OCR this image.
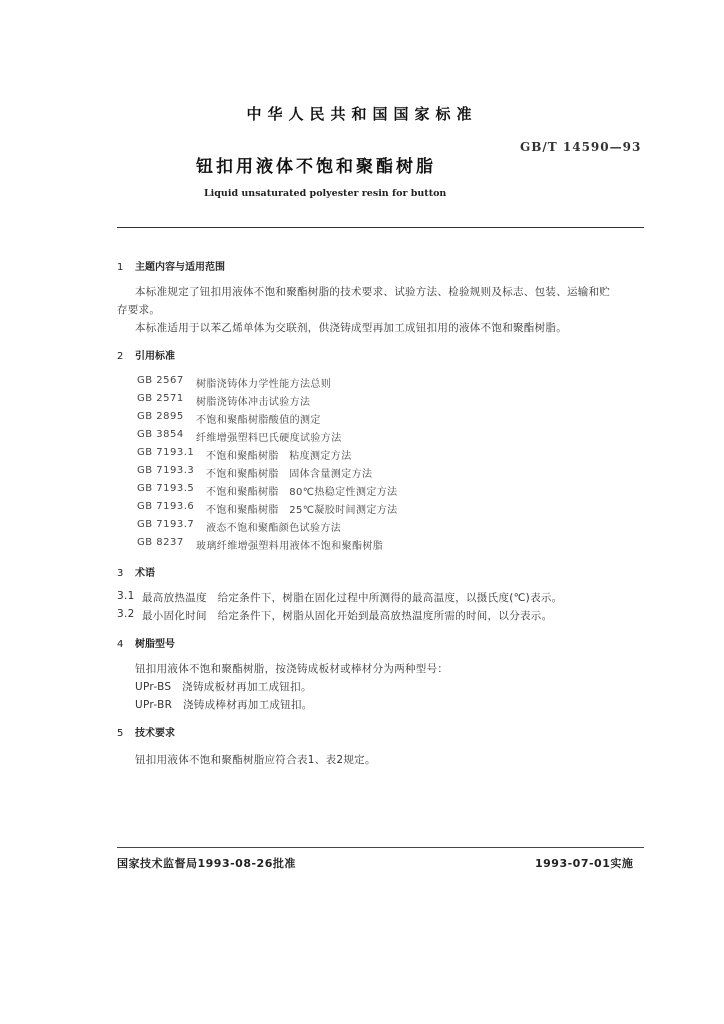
中华人民共和国国家标准
GB/T 14590—93
钮扣用液体不饱和聚酯树脂
Liquid unsaturated polyester resin for button
1 主题内容与适用范围
本标准规定了钮扣用液体不饱和聚酯树脂的技术要求、试验方法、检验规则及标志、包装、运输和贮
存要求。
本标准适用于以苯乙烯单体为交联剂，供浇铸成型再加工成钮扣用的液体不饱和聚酯树脂。
2 引用标准
GB 2567 树脂浇铸体力学性能方法总则
GB 2571 树脂浇铸体冲击试验方法
GB 2895 不饱和聚酯树脂酸值的测定
GB 3854 纤维增强塑料巴氏硬度试验方法
GB 7193.1 不饱和聚酯树脂　粘度测定方法
GB 7193.3 不饱和聚酯树脂　固体含量测定方法
GB 7193.5 不饱和聚酯树脂　80℃热稳定性测定方法
GB 7193.6 不饱和聚酯树脂　25℃凝胶时间测定方法
GB 7193.7 液态不饱和聚酯颜色试验方法
GB 8237 玻璃纤维增强塑料用液体不饱和聚酯树脂
3 术语
3.1 最高放热温度　给定条件下，树脂在固化过程中所测得的最高温度，以摄氏度(℃)表示。
3.2 最小固化时间　给定条件下，树脂从固化开始到最高放热温度所需的时间，以分表示。
4 树脂型号
钮扣用液体不饱和聚酯树脂，按浇铸成板材或棒材分为两种型号：
UPr-BS　浇铸成板材再加工成钮扣。
UPr-BR　浇铸成棒材再加工成钮扣。
5 技术要求
钮扣用液体不饱和聚酯树脂应符合表1、表2规定。
国家技术监督局1993-08-26批准	1993-07-01实施
